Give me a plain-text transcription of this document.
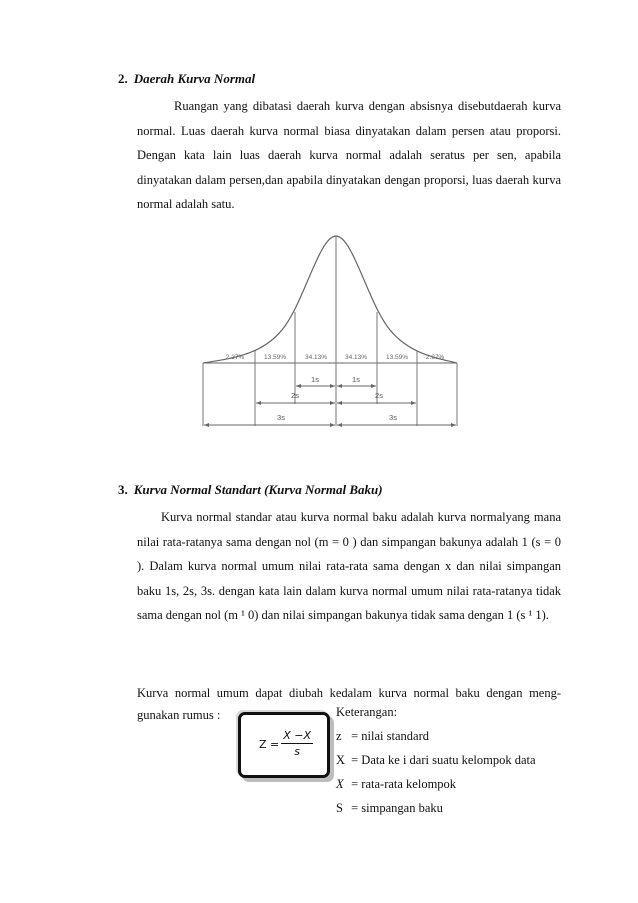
2. Daerah Kurva Normal

Ruangan yang dibatasi daerah kurva dengan absisnya disebutdaerah kurva normal. Luas daerah kurva normal biasa dinyatakan dalam persen atau proporsi. Dengan kata lain luas daerah kurva normal adalah seratus per sen, apabila dinyatakan dalam persen,dan apabila dinyatakan dengan proporsi, luas daerah kurva normal adalah satu.

2.27%	13.59%	34.13%	34.13%	13.59%	2.27%
1s	1s
2s	2s
3s	3s
3. Kurva Normal Standart (Kurva Normal Baku)

Kurva normal standar atau kurva normal baku adalah kurva normalyang mana nilai rata-ratanya sama dengan nol (m = 0 ) dan simpangan bakunya adalah 1 (s = 0 ). Dalam kurva normal umum nilai rata-rata sama dengan x dan nilai simpangan baku 1s, 2s, 3s. dengan kata lain dalam kurva normal umum nilai rata-ratanya tidak sama dengan nol (m ¹ 0) dan nilai simpangan bakunya tidak sama dengan 1 (s ¹ 1).

Kurva normal umum dapat diubah kedalam kurva normal baku dengan meng-gunakan rumus :

$Z = \frac{X -X}{s}$
Keterangan:
z = nilai standard
X = Data ke i dari suatu kelompok data
X = rata-rata kelompok
S = simpangan baku
